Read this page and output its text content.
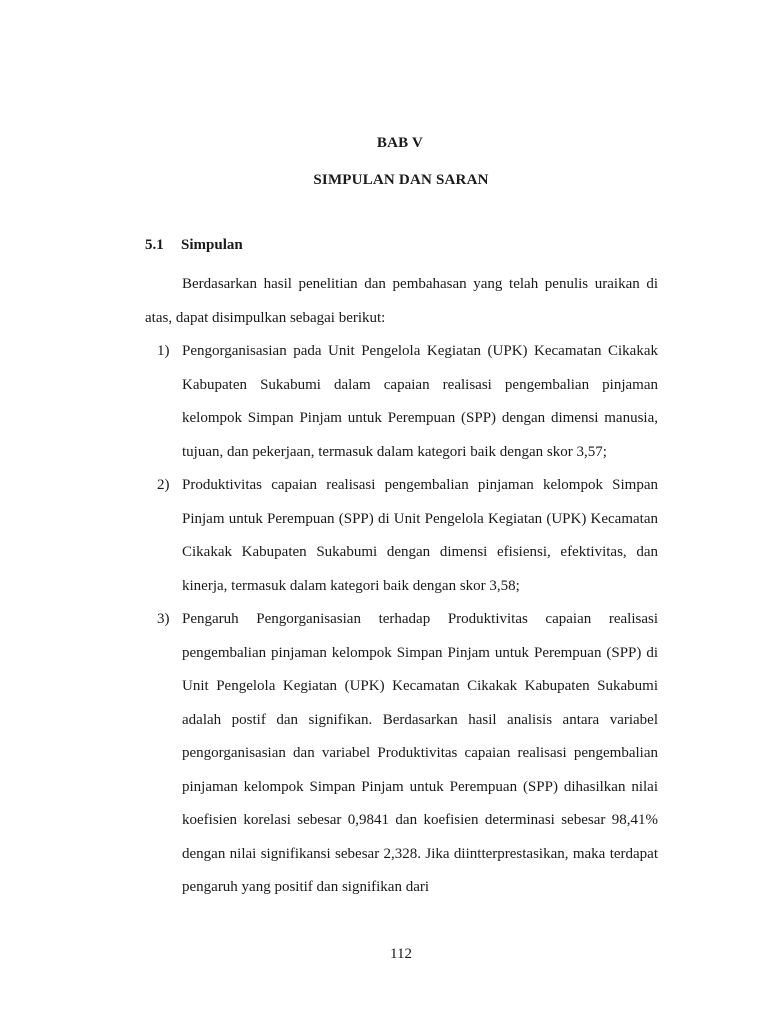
BAB V
SIMPULAN DAN SARAN
5.1 Simpulan

Berdasarkan hasil penelitian dan pembahasan yang telah penulis uraikan di atas, dapat disimpulkan sebagai berikut:

1) Pengorganisasian pada Unit Pengelola Kegiatan (UPK) Kecamatan Cikakak Kabupaten Sukabumi dalam capaian realisasi pengembalian pinjaman kelompok Simpan Pinjam untuk Perempuan (SPP) dengan dimensi manusia, tujuan, dan pekerjaan, termasuk dalam kategori baik dengan skor 3,57;
2) Produktivitas capaian realisasi pengembalian pinjaman kelompok Simpan Pinjam untuk Perempuan (SPP) di Unit Pengelola Kegiatan (UPK) Kecamatan Cikakak Kabupaten Sukabumi dengan dimensi efisiensi, efektivitas, dan kinerja, termasuk dalam kategori baik dengan skor 3,58;
3) Pengaruh Pengorganisasian terhadap Produktivitas capaian realisasi pengembalian pinjaman kelompok Simpan Pinjam untuk Perempuan (SPP) di Unit Pengelola Kegiatan (UPK) Kecamatan Cikakak Kabupaten Sukabumi adalah postif dan signifikan. Berdasarkan hasil analisis antara variabel pengorganisasian dan variabel Produktivitas capaian realisasi pengembalian pinjaman kelompok Simpan Pinjam untuk Perempuan (SPP) dihasilkan nilai koefisien korelasi sebesar 0,9841 dan koefisien determinasi sebesar 98,41% dengan nilai signifikansi sebesar 2,328. Jika diintterprestasikan, maka terdapat pengaruh yang positif dan signifikan dari
112
